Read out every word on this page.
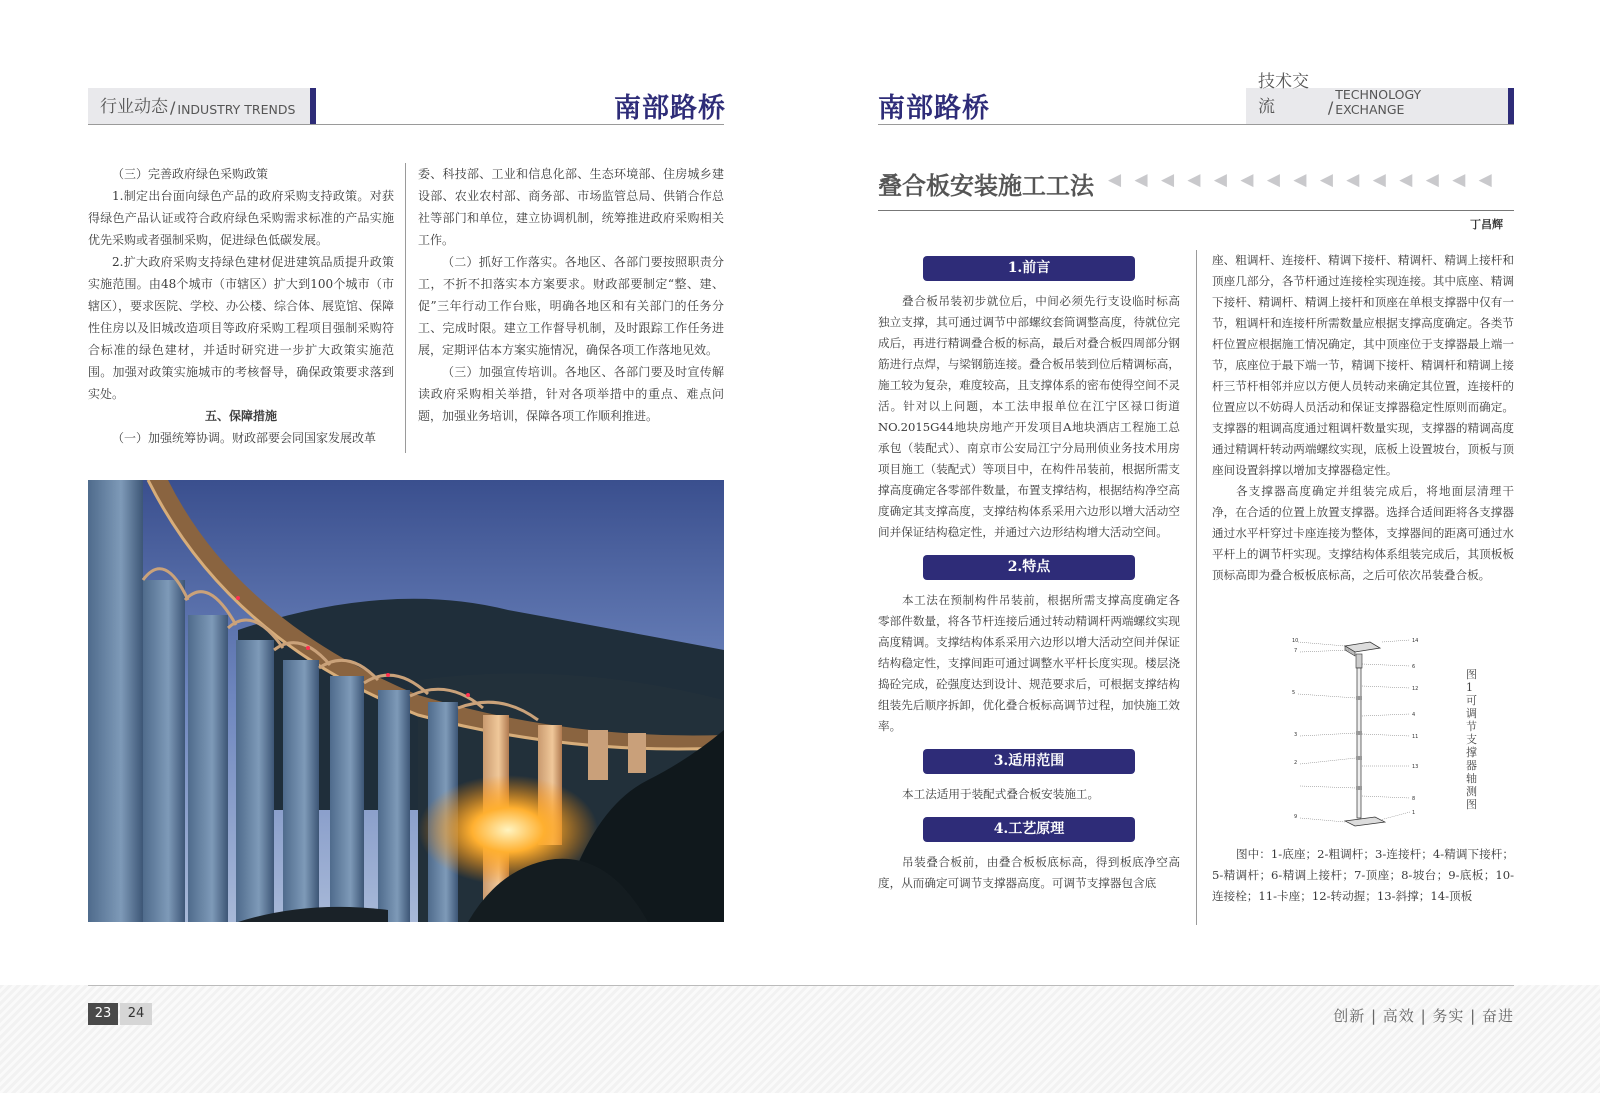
行业动态 / INDUSTRY TRENDS	南部路桥

（三）完善政府绿色采购政策

1.制定出台面向绿色产品的政府采购支持政策。对获得绿色产品认证或符合政府绿色采购需求标准的产品实施优先采购或者强制采购，促进绿色低碳发展。

2.扩大政府采购支持绿色建材促进建筑品质提升政策实施范围。由48个城市（市辖区）扩大到100个城市（市辖区），要求医院、学校、办公楼、综合体、展览馆、保障性住房以及旧城改造项目等政府采购工程项目强制采购符合标准的绿色建材，并适时研究进一步扩大政策实施范围。加强对政策实施城市的考核督导，确保政策要求落到实处。

五、保障措施

（一）加强统筹协调。财政部要会同国家发展改革

委、科技部、工业和信息化部、生态环境部、住房城乡建设部、农业农村部、商务部、市场监管总局、供销合作总社等部门和单位，建立协调机制，统筹推进政府采购相关工作。

（二）抓好工作落实。各地区、各部门要按照职责分工，不折不扣落实本方案要求。财政部要制定“整、建、促”三年行动工作台账，明确各地区和有关部门的任务分工、完成时限。建立工作督导机制，及时跟踪工作任务进展，定期评估本方案实施情况，确保各项工作落地见效。

（三）加强宣传培训。各地区、各部门要及时宣传解读政府采购相关举措，针对各项举措中的重点、难点问题，加强业务培训，保障各项工作顺利推进。

南部路桥
技术交流	/
TECHNOLOGY EXCHANGE
叠合板安装施工工法 ◀ ◀ ◀ ◀ ◀ ◀ ◀ ◀ ◀ ◀ ◀ ◀ ◀ ◀ ◀
丁昌辉
1.前言

叠合板吊装初步就位后，中间必须先行支设临时标高独立支撑，其可通过调节中部螺纹套筒调整高度，待就位完成后，再进行精调叠合板的标高，最后对叠合板四周部分钢筋进行点焊，与梁钢筋连接。叠合板吊装到位后精调标高，施工较为复杂，难度较高，且支撑体系的密布使得空间不灵活。针对以上问题，本工法申报单位在江宁区禄口街道NO.2015G44地块房地产开发项目A地块酒店工程施工总承包（装配式）、南京市公安局江宁分局刑侦业务技术用房项目施工（装配式）等项目中，在构件吊装前，根据所需支撑高度确定各零部件数量，布置支撑结构，根据结构净空高度确定其支撑高度，支撑结构体系采用六边形以增大活动空间并保证结构稳定性，并通过六边形结构增大活动空间。

2.特点

本工法在预制构件吊装前，根据所需支撑高度确定各零部件数量，将各节杆连接后通过转动精调杆两端螺纹实现高度精调。支撑结构体系采用六边形以增大活动空间并保证结构稳定性，支撑间距可通过调整水平杆长度实现。楼层浇捣砼完成，砼强度达到设计、规范要求后，可根据支撑结构组装先后顺序拆卸，优化叠合板标高调节过程，加快施工效率。

3.适用范围

本工法适用于装配式叠合板安装施工。

4.工艺原理

吊装叠合板前，由叠合板板底标高，得到板底净空高度，从而确定可调节支撑器高度。可调节支撑器包含底

座、粗调杆、连接杆、精调下接杆、精调杆、精调上接杆和顶座几部分，各节杆通过连接栓实现连接。其中底座、精调下接杆、精调杆、精调上接杆和顶座在单根支撑器中仅有一节，粗调杆和连接杆所需数量应根据支撑高度确定。各类节杆位置应根据施工情况确定，其中顶座位于支撑器最上端一节，底座位于最下端一节，精调下接杆、精调杆和精调上接杆三节杆相邻并应以方便人员转动来确定其位置，连接杆的位置应以不妨碍人员活动和保证支撑器稳定性原则而确定。支撑器的粗调高度通过粗调杆数量实现，支撑器的精调高度通过精调杆转动两端螺纹实现，底板上设置坡台，顶板与顶座间设置斜撑以增加支撑器稳定性。

各支撑器高度确定并组装完成后，将地面层清理干净，在合适的位置上放置支撑器。选择合适间距将各支撑器通过水平杆穿过卡座连接为整体，支撑器间的距离可通过水平杆上的调节杆实现。支撑结构体系组装完成后，其顶板板顶标高即为叠合板板底标高，之后可依次吊装叠合板。

10
7
6
5
12
4
11
3
13
2
8
9
1
14
图1 可调节支撑器轴测图

图中：1-底座；2-粗调杆；3-连接杆；4-精调下接杆；5-精调杆；6-精调上接杆；7-顶座；8-坡台；9-底板；10-连接栓；11-卡座；12-转动握；13-斜撑；14-顶板

23	24	创新 | 高效 | 务实 | 奋进
